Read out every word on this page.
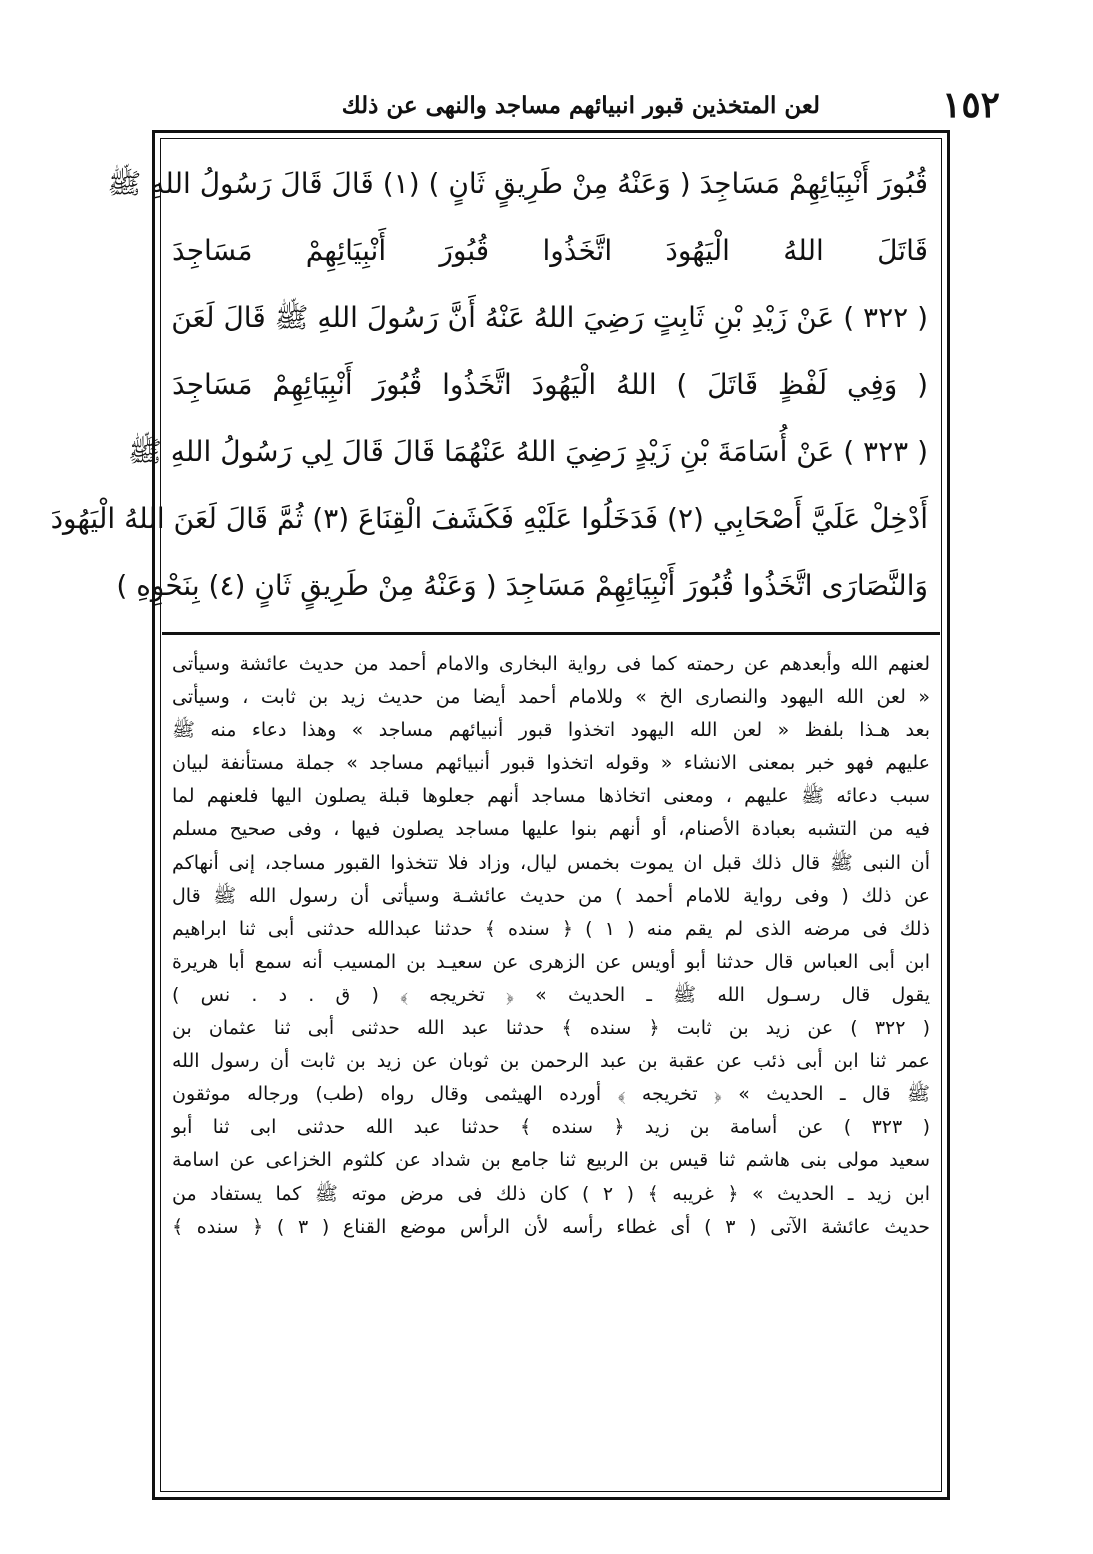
١٥٢
لعن المتخذين قبور انبيائهم مساجد والنهى عن ذلك
قُبُورَ أَنْبِيَائِهِمْ مَسَاجِدَ ( وَعَنْهُ مِنْ طَرِيقٍ ثَانٍ ) (١) قَالَ قَالَ رَسُولُ اللهِ ﷺ
قَاتَلَ اللهُ الْيَهُودَ اتَّخَذُوا قُبُورَ أَنْبِيَائِهِمْ مَسَاجِدَ
( ٣٢٢ ) عَنْ زَيْدِ بْنِ ثَابِتٍ رَضِيَ اللهُ عَنْهُ أَنَّ رَسُولَ اللهِ ﷺ قَالَ لَعَنَ
( وَفِي لَفْظٍ قَاتَلَ ) اللهُ الْيَهُودَ اتَّخَذُوا قُبُورَ أَنْبِيَائِهِمْ مَسَاجِدَ
( ٣٢٣ ) عَنْ أُسَامَةَ بْنِ زَيْدٍ رَضِيَ اللهُ عَنْهُمَا قَالَ قَالَ لِي رَسُولُ اللهِ ﷺ
أَدْخِلْ عَلَيَّ أَصْحَابِي (٢) فَدَخَلُوا عَلَيْهِ فَكَشَفَ الْقِنَاعَ (٣) ثُمَّ قَالَ لَعَنَ اللهُ الْيَهُودَ
وَالنَّصَارَى اتَّخَذُوا قُبُورَ أَنْبِيَائِهِمْ مَسَاجِدَ ( وَعَنْهُ مِنْ طَرِيقٍ ثَانٍ (٤) بِنَحْوِهِ )
لعنهم الله وأبعدهم عن رحمته كما فى رواية البخارى والامام أحمد من حديث عائشة وسيأتى
« لعن الله اليهود والنصارى الخ » وللامام أحمد أيضا من حديث زيد بن ثابت ، وسيأتى
بعد هـذا بلفظ « لعن الله اليهود اتخذوا قبور أنبيائهم مساجد » وهذا دعاء منه ﷺ
عليهم فهو خبر بمعنى الانشاء « وقوله اتخذوا قبور أنبيائهم مساجد » جملة مستأنفة لبيان
سبب دعائه ﷺ عليهم ، ومعنى اتخاذها مساجد أنهم جعلوها قبلة يصلون اليها فلعنهم لما
فيه من التشبه بعبادة الأصنام، أو أنهم بنوا عليها مساجد يصلون فيها ، وفى صحيح مسلم
أن النبى ﷺ قال ذلك قبل ان يموت بخمس ليال، وزاد فلا تتخذوا القبور مساجد، إنى أنهاكم
عن ذلك ( وفى رواية للامام أحمد ) من حديث عائشـة وسيأتى أن رسول الله ﷺ قال
ذلك فى مرضه الذى لم يقم منه ( ١ ) ﴿ سنده ﴾ حدثنا عبدالله حدثنى أبى ثنا ابراهيم
ابن أبى العباس قال حدثنا أبو أويس عن الزهرى عن سعيـد بن المسيب أنه سمع أبا هريرة
يقول قال رسـول الله ﷺ ـ الحديث » ﴿ تخريجه ﴾ ( ق . د . نس )
( ٣٢٢ ) عن زيد بن ثابت ﴿ سنده ﴾ حدثنا عبد الله حدثنى أبى ثنا عثمان بن
عمر ثنا ابن أبى ذئب عن عقبة بن عبد الرحمن بن ثوبان عن زيد بن ثابت أن رسول الله
ﷺ قال ـ الحديث » ﴿ تخريجه ﴾ أورده الهيثمى وقال رواه (طب) ورجاله موثقون
( ٣٢٣ ) عن أسامة بن زيد ﴿ سنده ﴾ حدثنا عبد الله حدثنى ابى ثنا أبو
سعيد مولى بنى هاشم ثنا قيس بن الربيع ثنا جامع بن شداد عن كلثوم الخزاعى عن اسامة
ابن زيد ـ الحديث » ﴿ غريبه ﴾ ( ٢ ) كان ذلك فى مرض موته ﷺ كما يستفاد من
حديث عائشة الآتى ( ٣ ) أى غطاء رأسه لأن الرأس موضع القناع ( ٣ ) ﴿ سنده ﴾
